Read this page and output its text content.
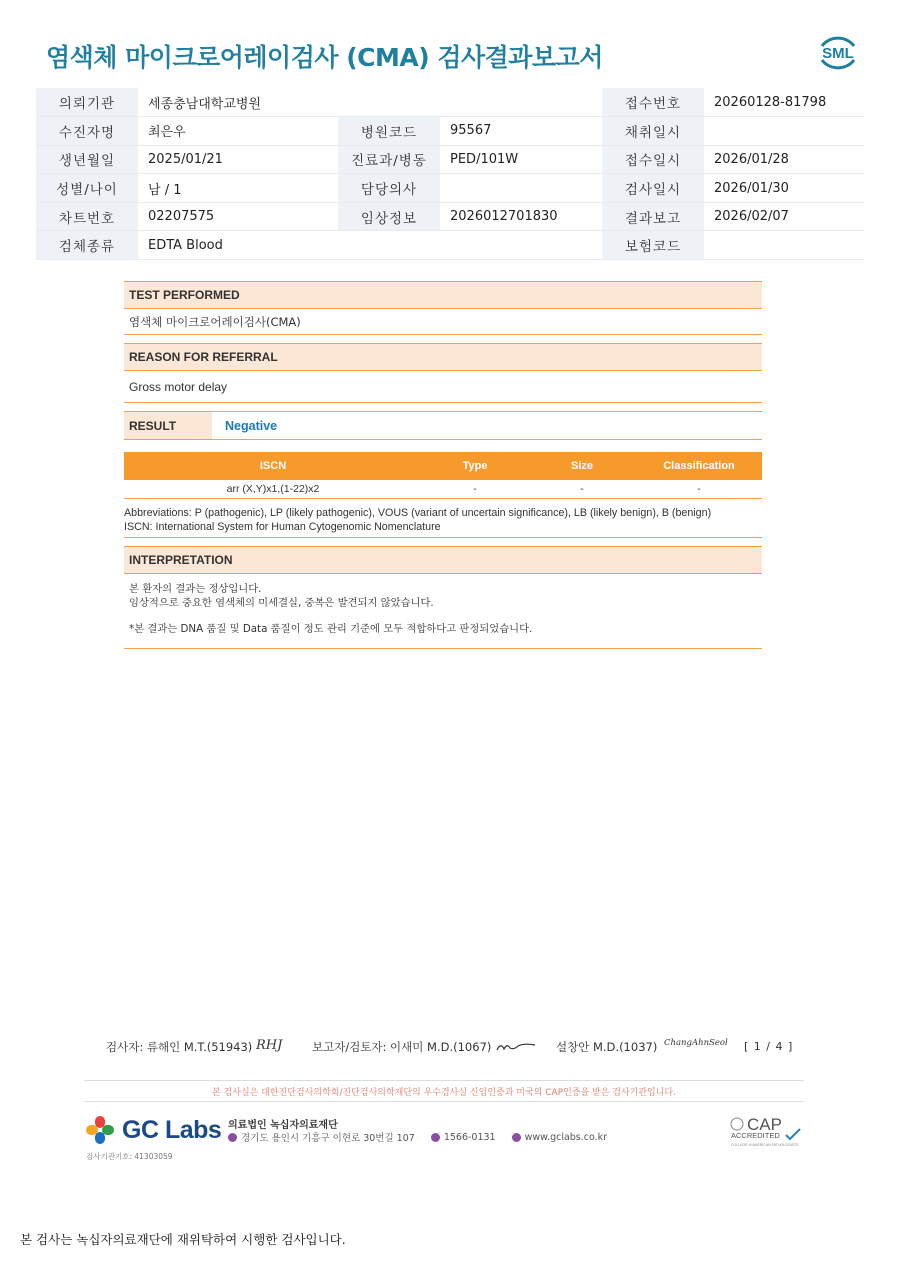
염색체 마이크로어레이검사 (CMA) 검사결과보고서	SML
의뢰기관	세종충남대학교병원			접수번호	20260128-81798
수진자명	최은우	병원코드	95567	채취일시	
생년월일	2025/01/21	진료과/병동	PED/101W	접수일시	2026/01/28
성별/나이	남 / 1	담당의사		검사일시	2026/01/30
차트번호	02207575	임상정보	2026012701830	결과보고	2026/02/07
검체종류	EDTA Blood			보험코드	
TEST PERFORMED
염색체 마이크로어레이검사(CMA)
REASON FOR REFERRAL
Gross motor delay
RESULT	Negative
ISCN	Type	Size	Classification
arr (X,Y)x1,(1-22)x2	-	-	-
Abbreviations: P (pathogenic), LP (likely pathogenic), VOUS (variant of uncertain significance), LB (likely benign), B (benign)
ISCN: International System for Human Cytogenomic Nomenclature
INTERPRETATION

본 환자의 결과는 정상입니다.

임상적으로 중요한 염색체의 미세결실, 중복은 발견되지 않았습니다.

*본 결과는 DNA 품질 및 Data 품질이 정도 관리 기준에 모두 적합하다고 판정되었습니다.

검사자: 류해인 M.T.(51943) RHJ	보고자/검토자: 이새미 M.D.(1067)	설창안 M.D.(1037) ChangAhnSeol [ 1 / 4 ]
본 검사실은 대한진단검사의학회/진단검사의학재단의 우수검사실 신임인증과 미국의 CAP인증을 받은 검사기관입니다.
GC Labs
검사기관기호: 41303059
의료법인 녹십자의료재단
경기도 용인시 기흥구 이현로 30번길 107	1566-0131	www.gclabs.co.kr
CAP
ACCREDITED
COLLEGE of AMERICAN PATHOLOGISTS
본 검사는 녹십자의료재단에 재위탁하여 시행한 검사입니다.
